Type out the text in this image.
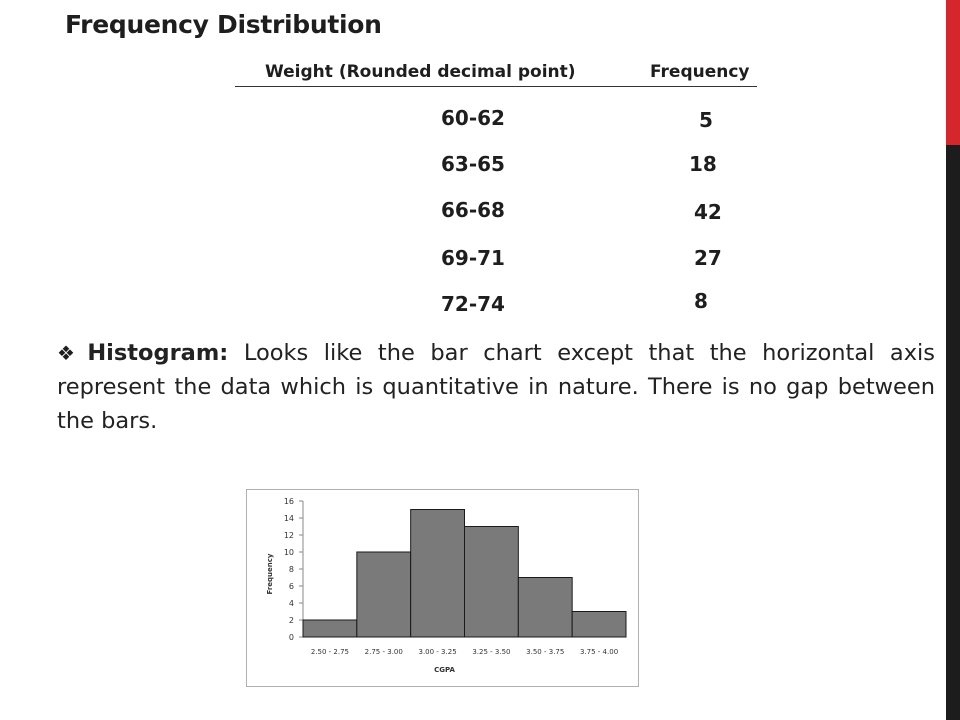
Frequency Distribution
Weight (Rounded decimal point)	Frequency
60-62	5
63-65	18
66-68	42
69-71	27
72-74	8
❖ Histogram: Looks like the bar chart except that the horizontal axis represent the data which is quantitative in nature. There is no gap between the bars.
0
2
4
6
8
10
12
14
16
2.50 - 2.75 2.75 - 3.00 3.00 - 3.25 3.25 - 3.50 3.50 - 3.75 3.75 - 4.00
CGPA
Frequency
